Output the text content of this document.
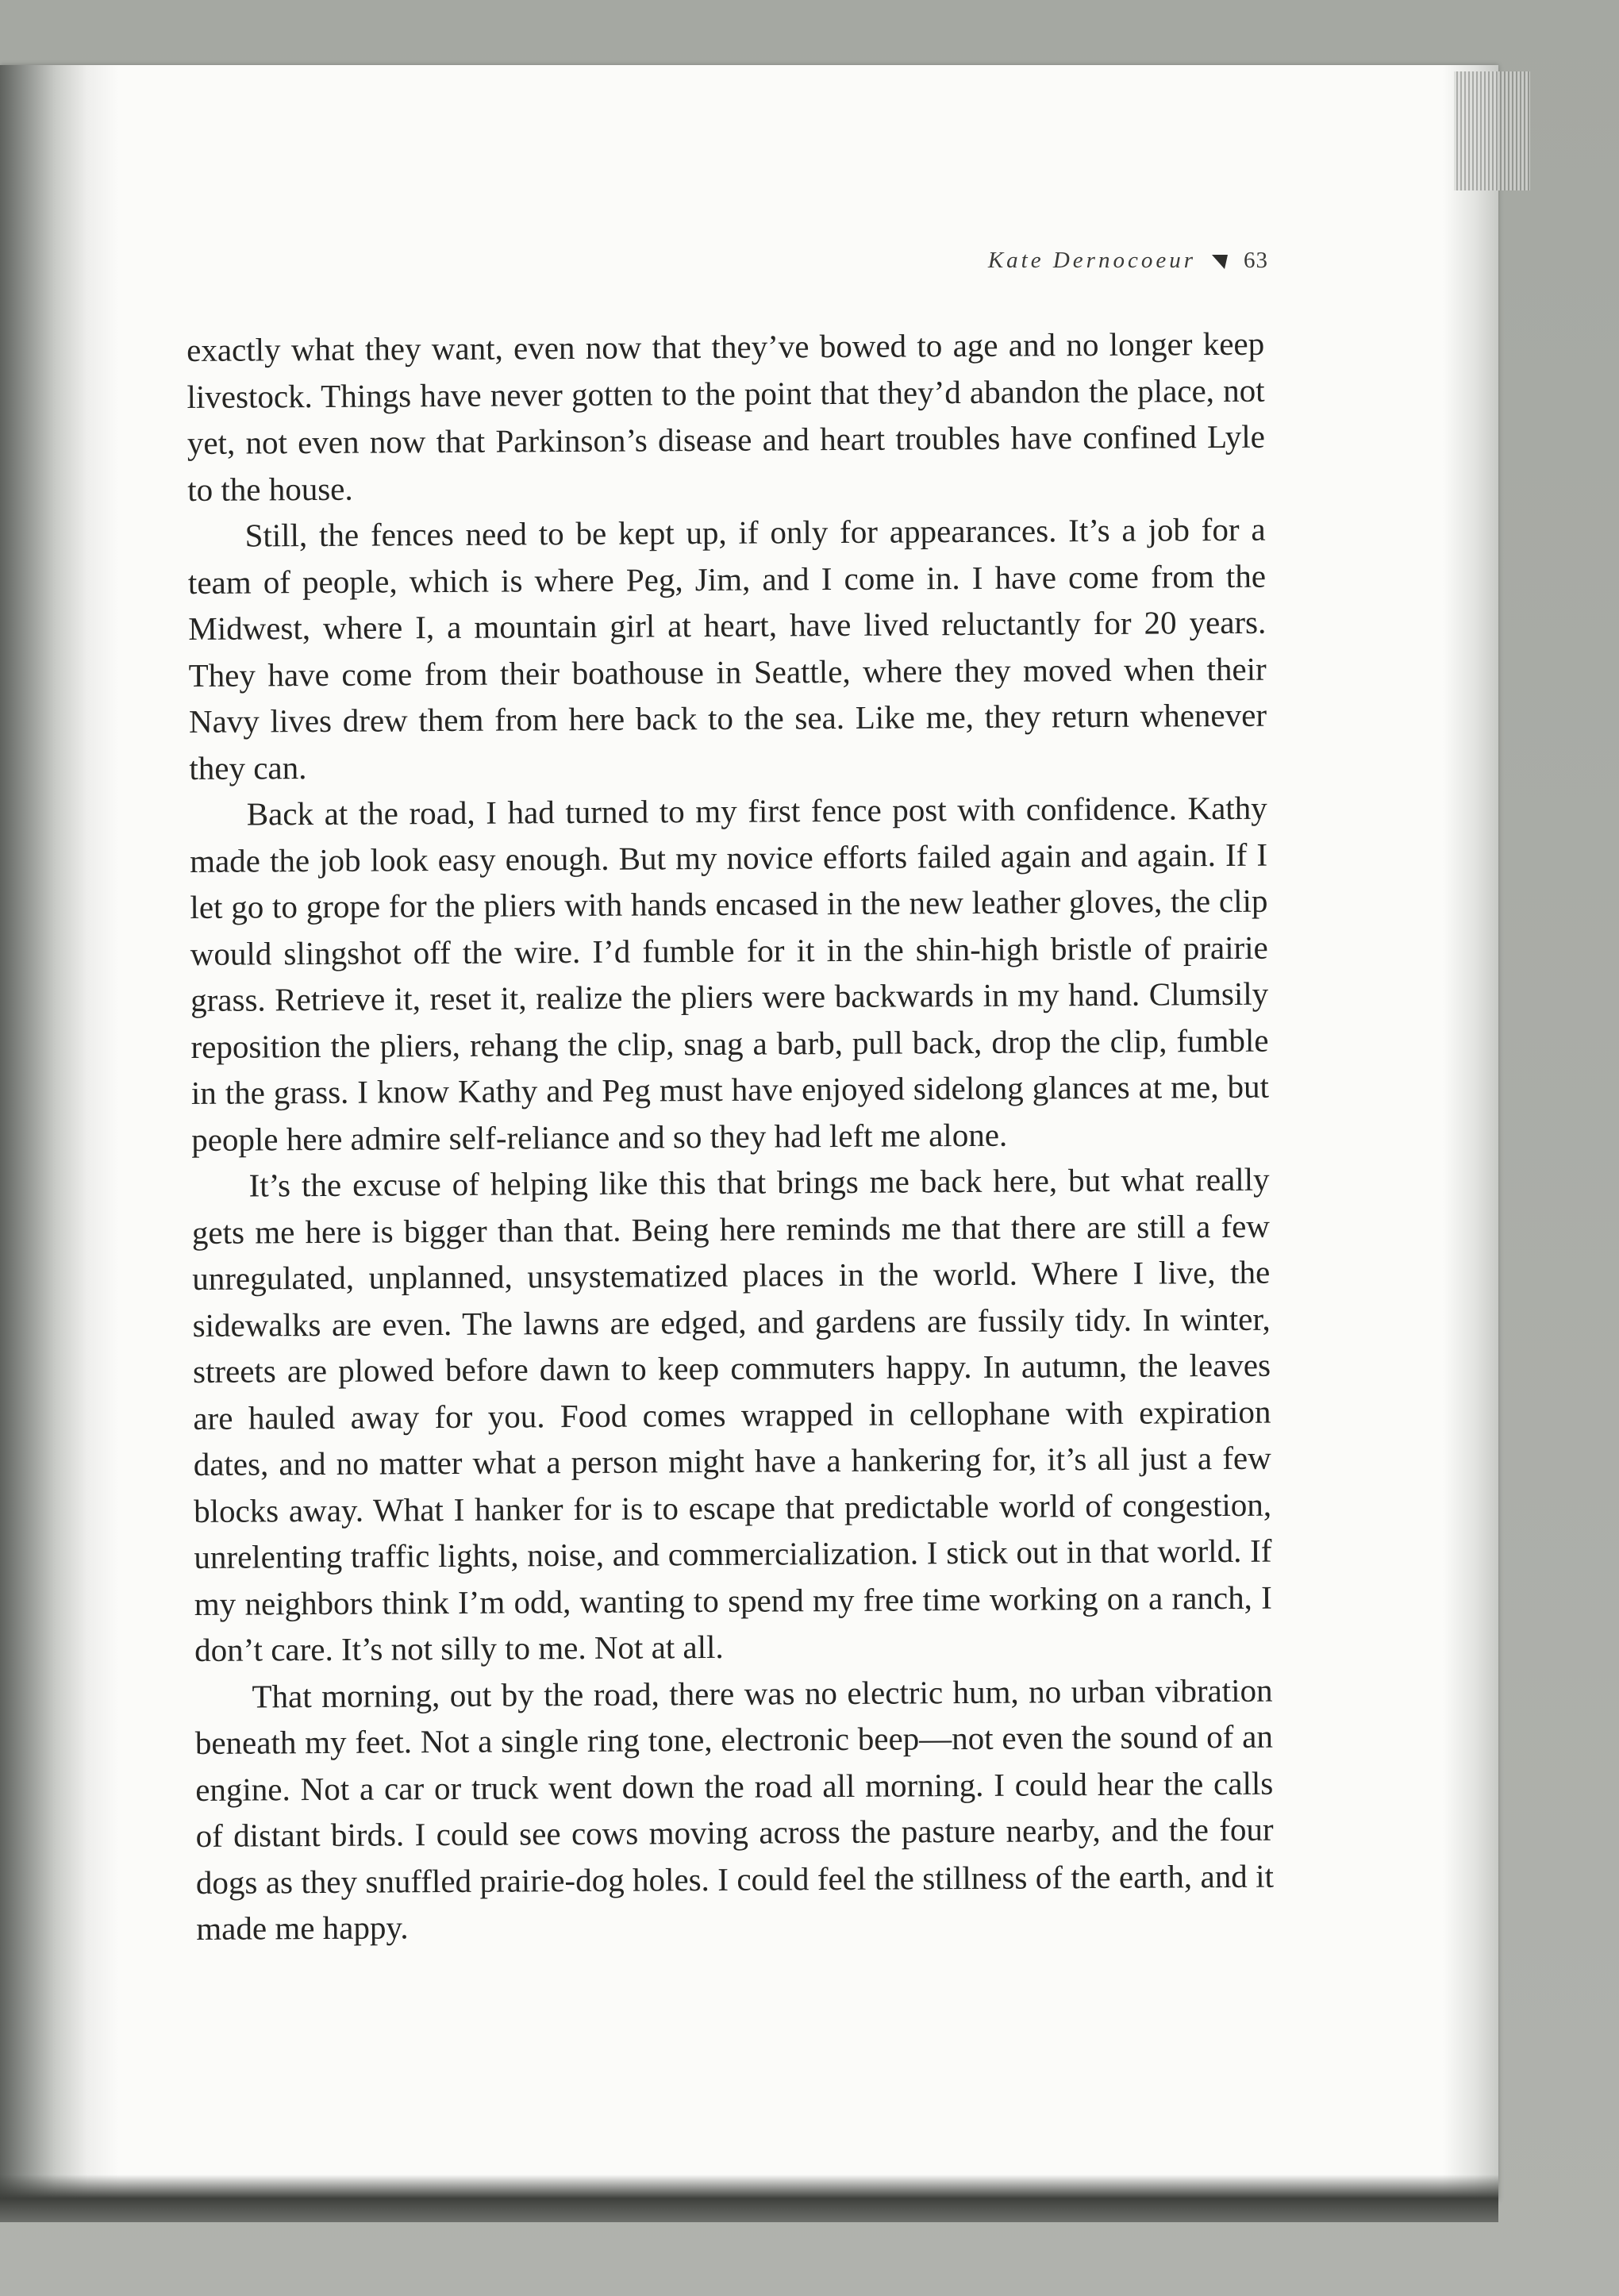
Kate Dernocoeur 63

exactly what they want, even now that they’ve bowed to age and no longer keep livestock. Things have never gotten to the point that they’d abandon the place, not yet, not even now that Parkinson’s disease and heart troubles have confined Lyle to the house.

Still, the fences need to be kept up, if only for appearances. It’s a job for a team of people, which is where Peg, Jim, and I come in. I have come from the Midwest, where I, a mountain girl at heart, have lived reluctantly for 20 years. They have come from their boathouse in Seattle, where they moved when their Navy lives drew them from here back to the sea. Like me, they return whenever they can.

Back at the road, I had turned to my first fence post with confidence. Kathy made the job look easy enough. But my novice efforts failed again and again. If I let go to grope for the pliers with hands encased in the new leather gloves, the clip would slingshot off the wire. I’d fumble for it in the shin-high bristle of prairie grass. Retrieve it, reset it, realize the pliers were backwards in my hand. Clumsily reposition the pliers, rehang the clip, snag a barb, pull back, drop the clip, fumble in the grass. I know Kathy and Peg must have enjoyed sidelong glances at me, but people here admire self-reliance and so they had left me alone.

It’s the excuse of helping like this that brings me back here, but what really gets me here is bigger than that. Being here reminds me that there are still a few unregulated, unplanned, unsystematized places in the world. Where I live, the sidewalks are even. The lawns are edged, and gardens are fussily tidy. In winter, streets are plowed before dawn to keep commuters happy. In autumn, the leaves are hauled away for you. Food comes wrapped in cellophane with expiration dates, and no matter what a person might have a hankering for, it’s all just a few blocks away. What I hanker for is to escape that predictable world of congestion, unrelenting traffic lights, noise, and commercialization. I stick out in that world. If my neighbors think I’m odd, wanting to spend my free time working on a ranch, I don’t care. It’s not silly to me. Not at all.

That morning, out by the road, there was no electric hum, no urban vibration beneath my feet. Not a single ring tone, electronic beep—not even the sound of an engine. Not a car or truck went down the road all morning. I could hear the calls of distant birds. I could see cows moving across the pasture nearby, and the four dogs as they snuffled prairie-dog holes. I could feel the stillness of the earth, and it made me happy.
